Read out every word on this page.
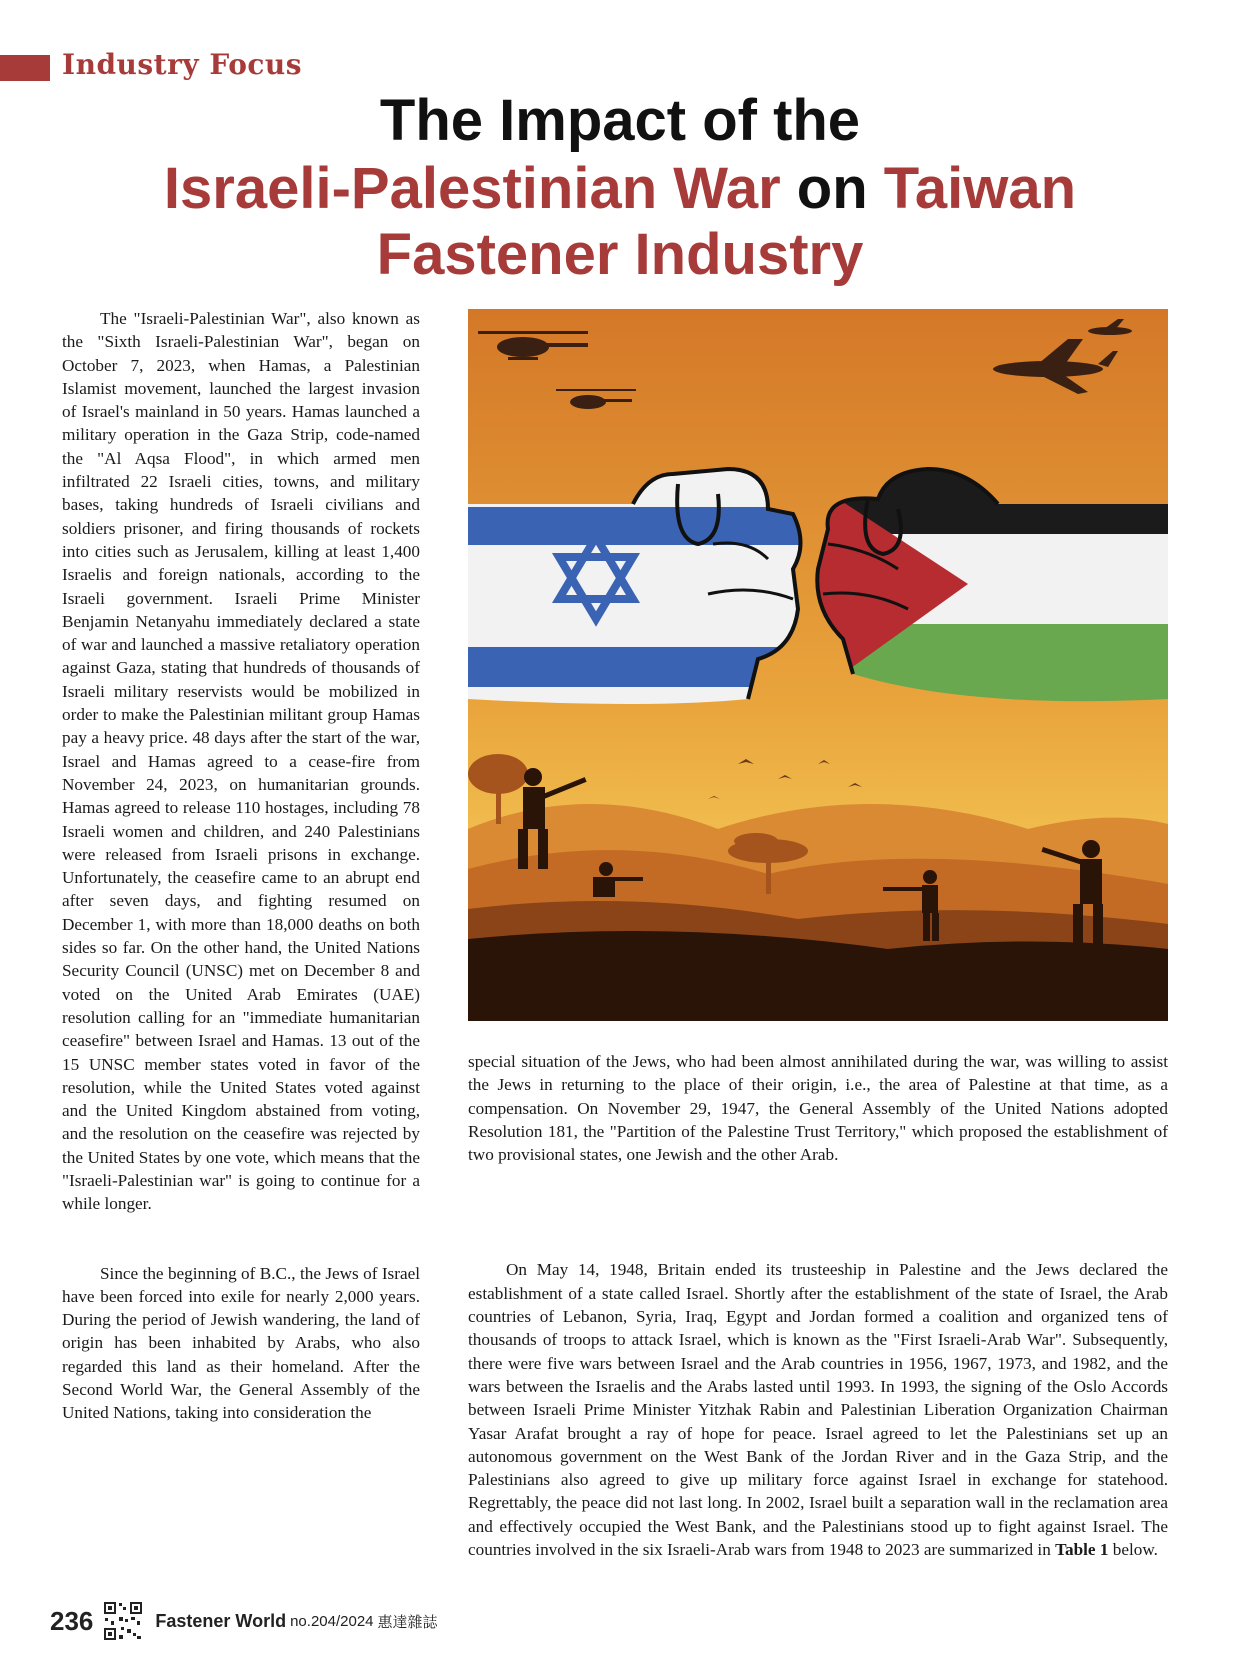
Industry Focus
The Impact of the
Israeli-Palestinian War on Taiwan
Fastener Industry

The "Israeli-Palestinian War", also known as the "Sixth Israeli-Palestinian War", began on October 7, 2023, when Hamas, a Palestinian Islamist movement, launched the largest invasion of Israel's mainland in 50 years. Hamas launched a military operation in the Gaza Strip, code-named the "Al Aqsa Flood", in which armed men infiltrated 22 Israeli cities, towns, and military bases, taking hundreds of Israeli civilians and soldiers prisoner, and firing thousands of rockets into cities such as Jerusalem, killing at least 1,400 Israelis and foreign nationals, according to the Israeli government. Israeli Prime Minister Benjamin Netanyahu immediately declared a state of war and launched a massive retaliatory operation against Gaza, stating that hundreds of thousands of Israeli military reservists would be mobilized in order to make the Palestinian militant group Hamas pay a heavy price. 48 days after the start of the war, Israel and Hamas agreed to a cease-fire from November 24, 2023, on humanitarian grounds. Hamas agreed to release 110 hostages, including 78 Israeli women and children, and 240 Palestinians were released from Israeli prisons in exchange. Unfortunately, the ceasefire came to an abrupt end after seven days, and fighting resumed on December 1, with more than 18,000 deaths on both sides so far. On the other hand, the United Nations Security Council (UNSC) met on December 8 and voted on the United Arab Emirates (UAE) resolution calling for an "immediate humanitarian ceasefire" between Israel and Hamas. 13 out of the 15 UNSC member states voted in favor of the resolution, while the United States voted against and the United Kingdom abstained from voting, and the resolution on the ceasefire was rejected by the United States by one vote, which means that the "Israeli-Palestinian war" is going to continue for a while longer.

Since the beginning of B.C., the Jews of Israel have been forced into exile for nearly 2,000 years. During the period of Jewish wandering, the land of origin has been inhabited by Arabs, who also regarded this land as their homeland. After the Second World War, the General Assembly of the United Nations, taking into consideration the

special situation of the Jews, who had been almost annihilated during the war, was willing to assist the Jews in returning to the place of their origin, i.e., the area of Palestine at that time, as a compensation. On November 29, 1947, the General Assembly of the United Nations adopted Resolution 181, the "Partition of the Palestine Trust Territory," which proposed the establishment of two provisional states, one Jewish and the other Arab.

On May 14, 1948, Britain ended its trusteeship in Palestine and the Jews declared the establishment of a state called Israel. Shortly after the establishment of the state of Israel, the Arab countries of Lebanon, Syria, Iraq, Egypt and Jordan formed a coalition and organized tens of thousands of troops to attack Israel, which is known as the "First Israeli-Arab War". Subsequently, there were five wars between Israel and the Arab countries in 1956, 1967, 1973, and 1982, and the wars between the Israelis and the Arabs lasted until 1993. In 1993, the signing of the Oslo Accords between Israeli Prime Minister Yitzhak Rabin and Palestinian Liberation Organization Chairman Yasar Arafat brought a ray of hope for peace. Israel agreed to let the Palestinians set up an autonomous government on the West Bank of the Jordan River and in the Gaza Strip, and the Palestinians also agreed to give up military force against Israel in exchange for statehood. Regrettably, the peace did not last long. In 2002, Israel built a separation wall in the reclamation area and effectively occupied the West Bank, and the Palestinians stood up to fight against Israel. The countries involved in the six Israeli-Arab wars from 1948 to 2023 are summarized in Table 1 below.

236	Fastener World no.204/2024 惠達雜誌
